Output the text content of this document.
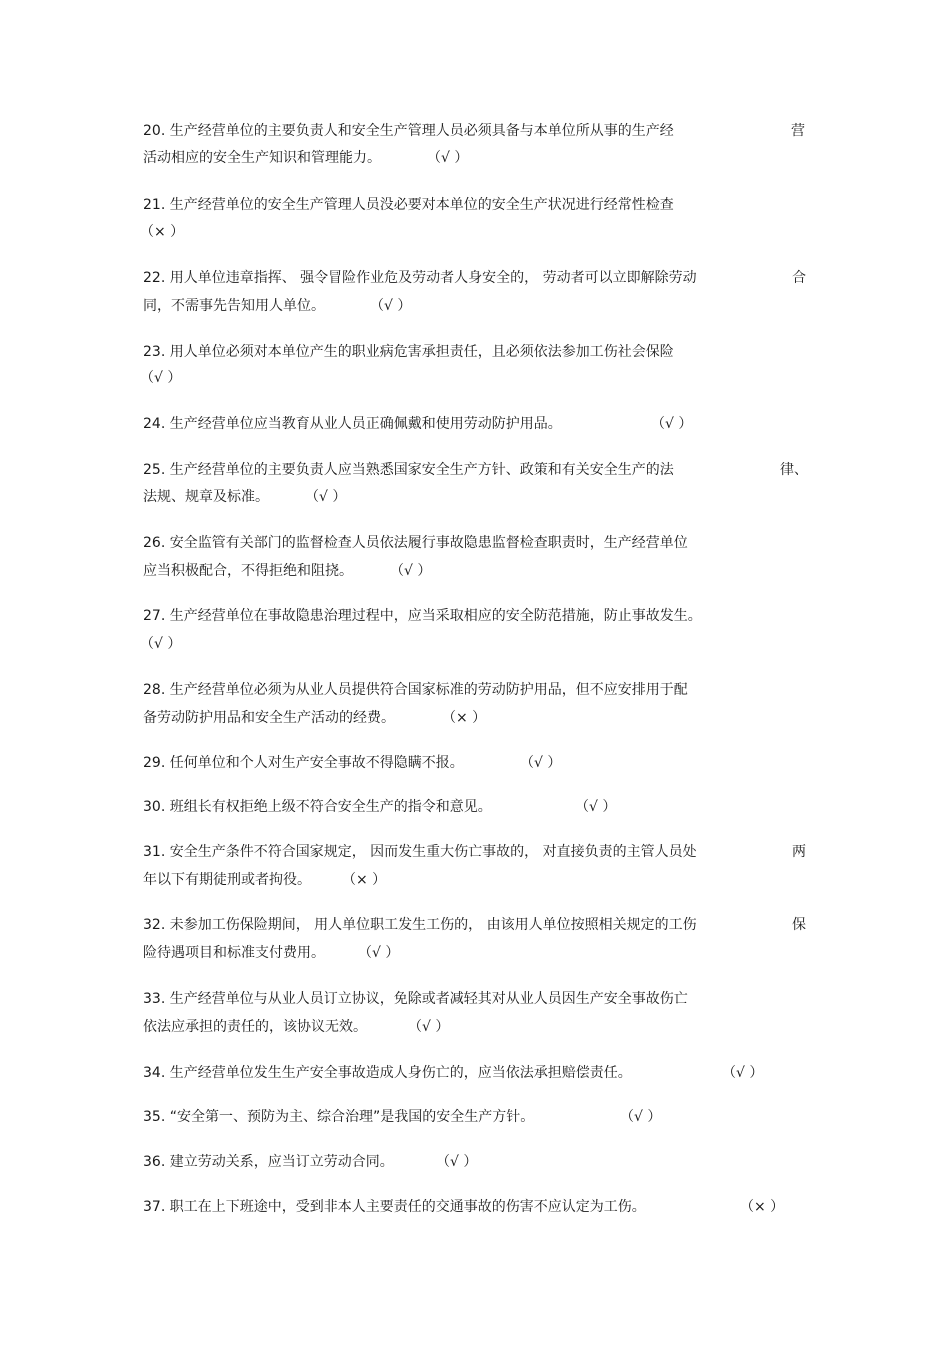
20. 生产经营单位的主要负责人和安全生产管理人员必须具备与本单位所从事的生产经	营
活动相应的安全生产知识和管理能力。	（√ ）
21. 生产经营单位的安全生产管理人员没必要对本单位的安全生产状况进行经常性检查
（× ）
22. 用人单位违章指挥、 强令冒险作业危及劳动者人身安全的， 劳动者可以立即解除劳动	合
同，不需事先告知用人单位。	（√ ）
23. 用人单位必须对本单位产生的职业病危害承担责任，且必须依法参加工伤社会保险
（√ ）
24. 生产经营单位应当教育从业人员正确佩戴和使用劳动防护用品。	（√ ）
25. 生产经营单位的主要负责人应当熟悉国家安全生产方针、政策和有关安全生产的法	律、
法规、规章及标准。	（√ ）
26. 安全监管有关部门的监督检查人员依法履行事故隐患监督检查职责时，生产经营单位
应当积极配合，不得拒绝和阻挠。	（√ ）
27. 生产经营单位在事故隐患治理过程中，应当采取相应的安全防范措施，防止事故发生。
（√ ）
28. 生产经营单位必须为从业人员提供符合国家标准的劳动防护用品，但不应安排用于配
备劳动防护用品和安全生产活动的经费。	（× ）
29. 任何单位和个人对生产安全事故不得隐瞒不报。	（√ ）
30. 班组长有权拒绝上级不符合安全生产的指令和意见。	（√ ）
31. 安全生产条件不符合国家规定， 因而发生重大伤亡事故的， 对直接负责的主管人员处	两
年以下有期徒刑或者拘役。 （× ）
32. 未参加工伤保险期间， 用人单位职工发生工伤的， 由该用人单位按照相关规定的工伤	保
险待遇项目和标准支付费用。 （√ ）
33. 生产经营单位与从业人员订立协议，免除或者减轻其对从业人员因生产安全事故伤亡
依法应承担的责任的，该协议无效。	（√ ）
34. 生产经营单位发生生产安全事故造成人身伤亡的，应当依法承担赔偿责任。	（√ ）
35. “安全第一、预防为主、综合治理”是我国的安全生产方针。	（√ ）
36. 建立劳动关系，应当订立劳动合同。	（√ ）
37. 职工在上下班途中，受到非本人主要责任的交通事故的伤害不应认定为工伤。	（× ）
